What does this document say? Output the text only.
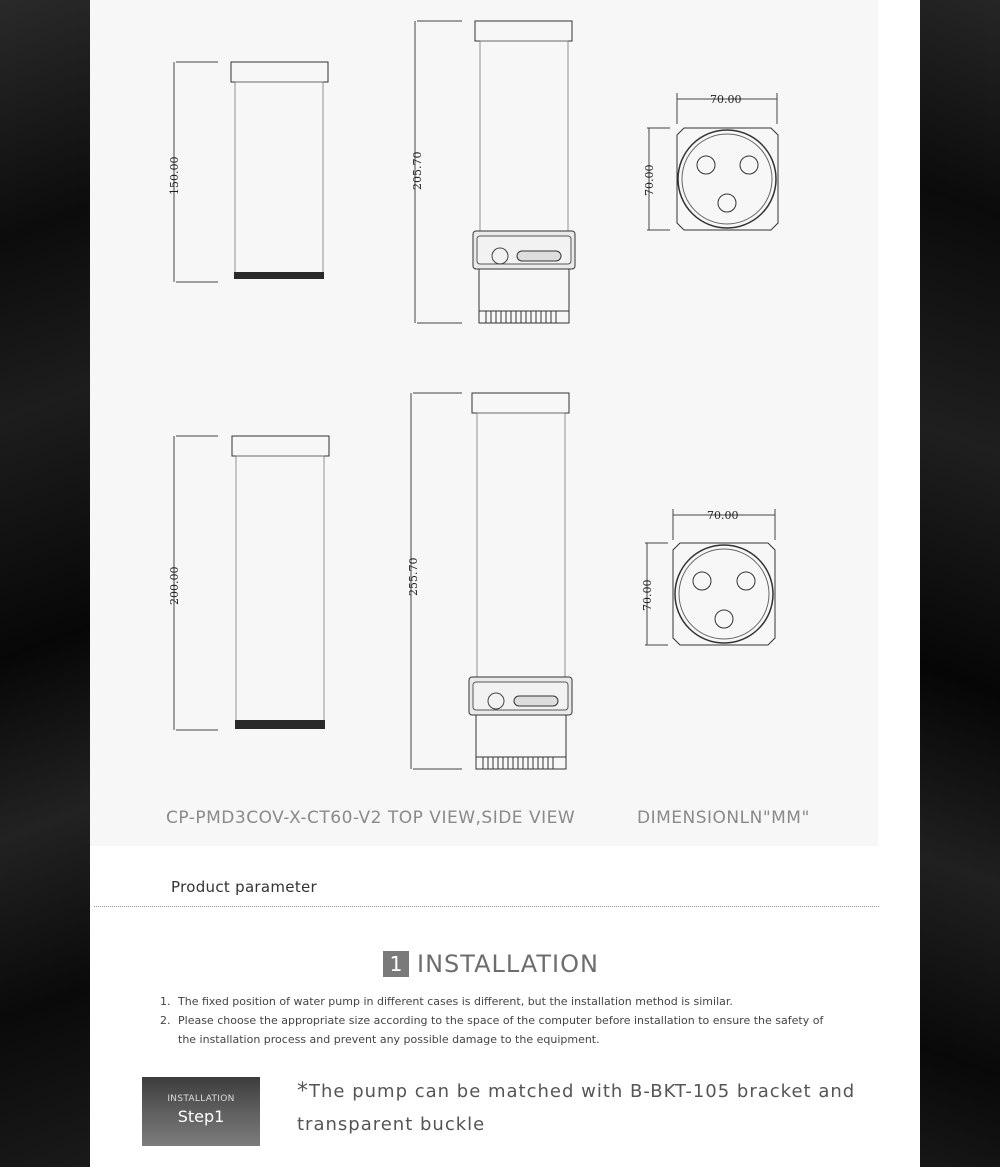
150.00	205.70
70.00
70.00
200.00	255.70
70.00
70.00
CP-PMD3COV-X-CT60-V2 TOP VIEW,SIDE VIEW	DIMENSIONLN"MM"
Product parameter
1 INSTALLATION
1. The fixed position of water pump in different cases is different, but the installation method is similar.
2. Please choose the appropriate size according to the space of the computer before installation to ensure the safety of the installation process and prevent any possible damage to the equipment.
INSTALLATION
Step1
*The pump can be matched with B-BKT-105 bracket and transparent buckle
